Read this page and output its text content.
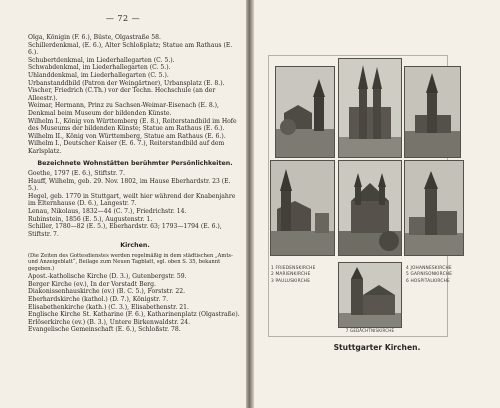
— 72 —
Olga, Königin (F. 6.), Büste, Olgastraße 58.
Schillerdenkmal, (E. 6.), Alter Schloßplatz; Statue am Rathaus (E. 6.).
Schubertdenkmal, im Liederhallegarten (C. 5.).
Schwabdenkmal, im Liederhallegarten (C. 5.).
Uhlanddenkmal, im Liederhallegarten (C. 5.).
Urbanstanddbild (Patron der Weingärtner), Urbansplatz (E. 8.).
Vischer, Friedrich (C.Th.) vor der Techn. Hochschule (an der Alleestr.).
Weimar, Hermann, Prinz zu Sachsen-Weimar-Eisenach (E. 8.), Denkmal beim Museum der bildenden Künste.
Wilhelm I., König von Württemberg (E. 8.), Reiterstandbild im Hofe des Museums der bildenden Künste; Statue am Rathaus (E. 6.).
Wilhelm II., König von Württemberg, Statue am Rathaus (E. 6.).
Wilhelm I., Deutscher Kaiser (E. 6. 7.), Reiterstandbild auf dem Karlsplatz.
Bezeichnete Wohnstätten berühmter Persönlichkeiten.
Goethe, 1797 (E. 6.), Stiftstr. 7.
Hauff, Wilhelm, geb. 29. Nov. 1802, im Hause Eberhardstr. 23 (E. 5.).
Hegel, geb. 1770 in Stuttgart, weilt hier während der Knabenjahre im Elternhause (D. 6.), Langestr. 7.
Lenau, Nikolaus, 1832—44 (C. 7.), Friedrichstr. 14.
Rubinstein, 1856 (E. 5.), Augustenstr. 1.
Schiller, 1780—82 (E. 5.), Eberhardstr. 63; 1793—1794 (E. 6.), Stiftstr. 7.
Kirchen.
(Die Zeiten des Gottesdienstes werden regelmäßig in dem städtischen „Amts- und Anzeigeblatt“, Beilage zum Neuen Tagblatt, sgl. oben S. 35, bekannt gegeben.)
Apost.-katholische Kirche (D. 3.), Gutenbergstr. 59.
Berger Kirche (ev.), In der Vorstadt Berg.
Diakonissenhauskirche (ev.) (B. C. 5.), Forststr. 22.
Eberhardskirche (kathol.) (D. 7.), Königstr. 7.
Elisabethenkirche (kath.) (C. 3.), Elisabethenstr. 21.
Englische Kirche St. Katharine (F. 6.), Katharinenplatz (Olgastraße).
Erlöserkirche (ev.) (B. 3.), Untere Birkenwaldstr. 24.
Evangelische Gemeinschaft (E. 6.), Schloßstr. 78.
1 FRIEDENSKIRCHE
2 MARIENKIRCHE
3 PAULUSKIRCHE
4 JOHANNESKIRCHE
5 GARNISONKIRCHE
6 HOSPITALKIRCHE
7 GEDÄCHTNISKIRCHE
Stuttgarter Kirchen.
